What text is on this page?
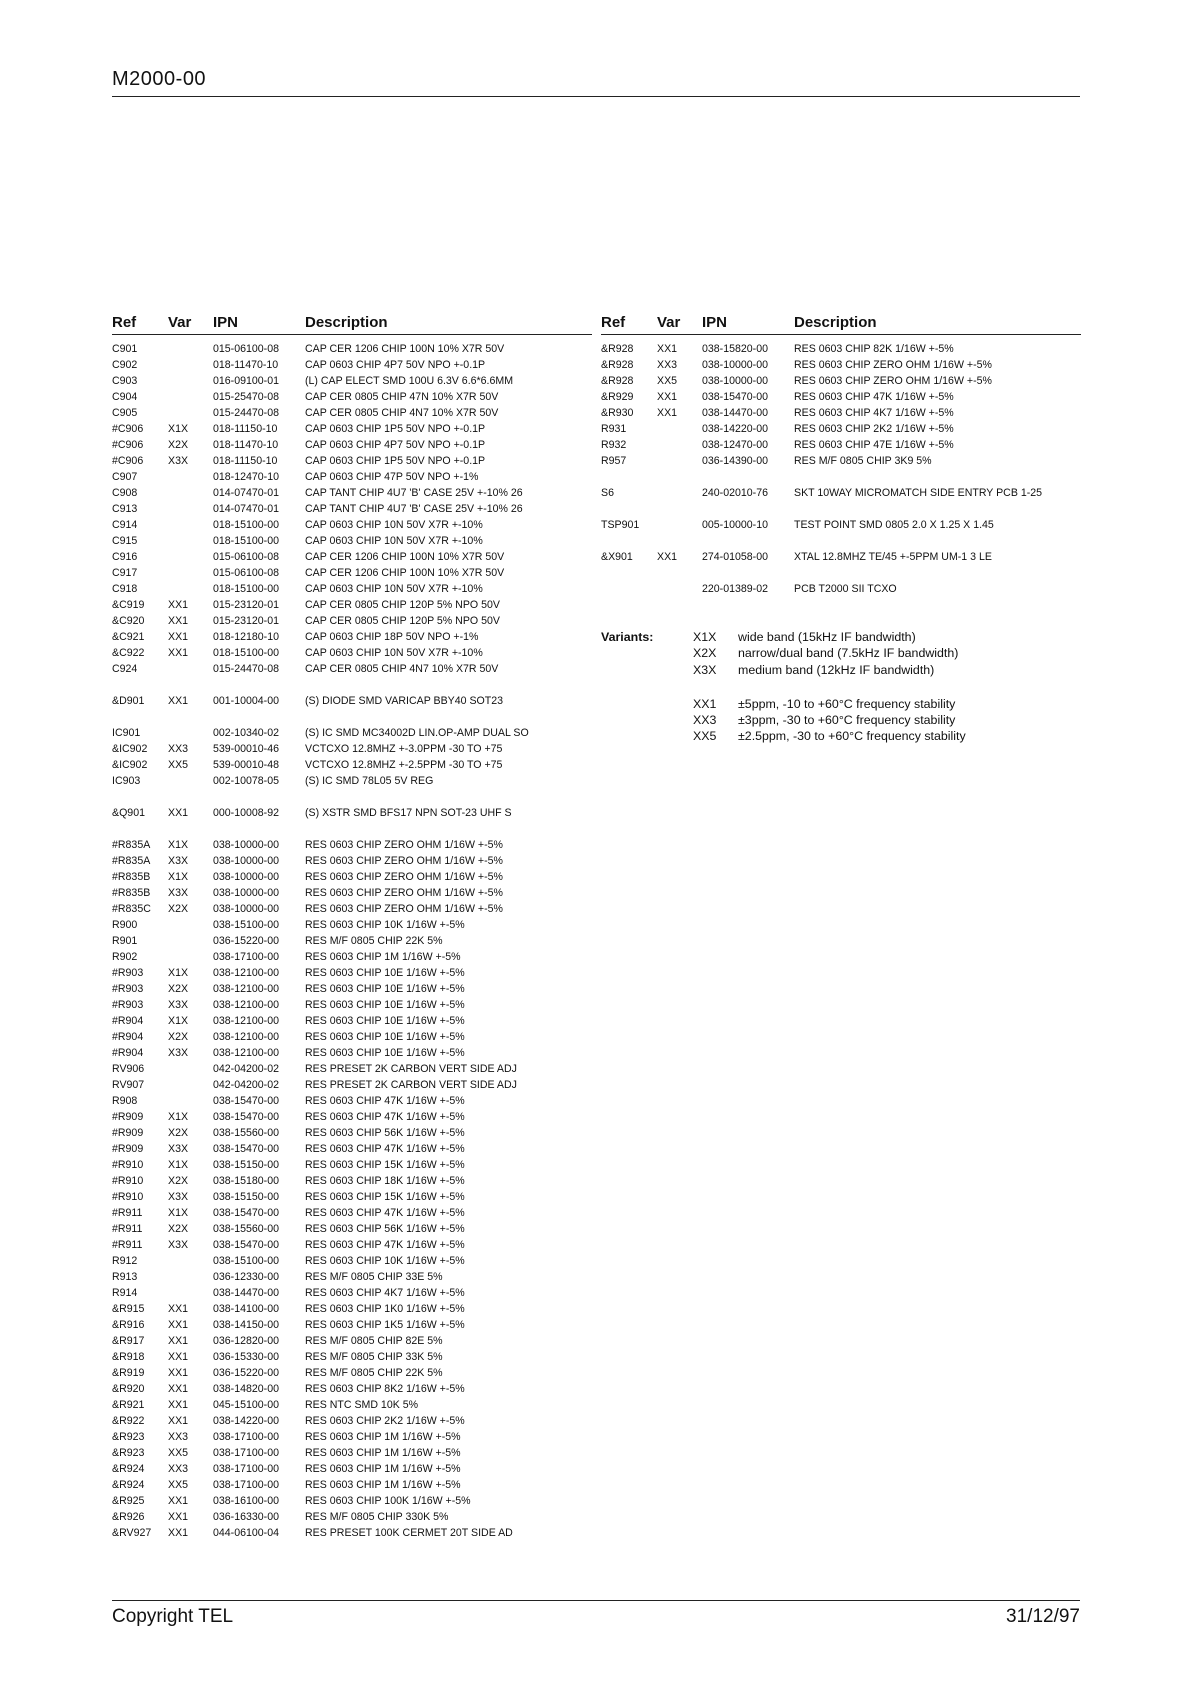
M2000-00
Ref Var IPN	Description
C901	015-06100-08 CAP CER 1206 CHIP 100N 10% X7R 50V
C902	018-11470-10	CAP 0603 CHIP 4P7 50V NPO +-0.1P
C903	016-09100-01 (L) CAP ELECT SMD 100U 6.3V 6.6*6.6MM
C904	015-25470-08 CAP CER 0805 CHIP 47N 10% X7R 50V
C905	015-24470-08 CAP CER 0805 CHIP 4N7 10% X7R 50V
#C906 X1X 018-11150-10	CAP 0603 CHIP 1P5 50V NPO +-0.1P
#C906 X2X 018-11470-10	CAP 0603 CHIP 4P7 50V NPO +-0.1P
#C906 X3X 018-11150-10	CAP 0603 CHIP 1P5 50V NPO +-0.1P
C907	018-12470-10 CAP 0603 CHIP 47P 50V NPO +-1%
C908	014-07470-01 CAP TANT CHIP 4U7 'B' CASE 25V +-10% 26
C913	014-07470-01 CAP TANT CHIP 4U7 'B' CASE 25V +-10% 26
C914	018-15100-00 CAP 0603 CHIP 10N 50V X7R +-10%
C915	018-15100-00 CAP 0603 CHIP 10N 50V X7R +-10%
C916	015-06100-08 CAP CER 1206 CHIP 100N 10% X7R 50V
C917	015-06100-08 CAP CER 1206 CHIP 100N 10% X7R 50V
C918	018-15100-00 CAP 0603 CHIP 10N 50V X7R +-10%
&C919 XX1 015-23120-01 CAP CER 0805 CHIP 120P 5% NPO 50V
&C920 XX1 015-23120-01 CAP CER 0805 CHIP 120P 5% NPO 50V
&C921 XX1 018-12180-10 CAP 0603 CHIP 18P 50V NPO +-1%
&C922 XX1 018-15100-00 CAP 0603 CHIP 10N 50V X7R +-10%
C924	015-24470-08 CAP CER 0805 CHIP 4N7 10% X7R 50V
&D901 XX1 001-10004-00 (S) DIODE SMD VARICAP BBY40 SOT23
IC901	002-10340-02 (S) IC SMD MC34002D LIN.OP-AMP DUAL SO
&IC902 XX3 539-00010-46 VCTCXO 12.8MHZ +-3.0PPM -30 TO +75
&IC902 XX5 539-00010-48 VCTCXO 12.8MHZ +-2.5PPM -30 TO +75
IC903	002-10078-05 (S) IC SMD 78L05 5V REG
&Q901 XX1 000-10008-92 (S) XSTR SMD BFS17 NPN SOT-23 UHF S
#R835A X1X 038-10000-00 RES 0603 CHIP ZERO OHM 1/16W +-5%
#R835A X3X 038-10000-00 RES 0603 CHIP ZERO OHM 1/16W +-5%
#R835B X1X 038-10000-00 RES 0603 CHIP ZERO OHM 1/16W +-5%
#R835B X3X 038-10000-00 RES 0603 CHIP ZERO OHM 1/16W +-5%
#R835C X2X 038-10000-00 RES 0603 CHIP ZERO OHM 1/16W +-5%
R900	038-15100-00 RES 0603 CHIP 10K 1/16W +-5%
R901	036-15220-00 RES M/F 0805 CHIP 22K 5%
R902	038-17100-00 RES 0603 CHIP 1M 1/16W +-5%
#R903 X1X 038-12100-00 RES 0603 CHIP 10E 1/16W +-5%
#R903 X2X 038-12100-00 RES 0603 CHIP 10E 1/16W +-5%
#R903 X3X 038-12100-00 RES 0603 CHIP 10E 1/16W +-5%
#R904 X1X 038-12100-00 RES 0603 CHIP 10E 1/16W +-5%
#R904 X2X 038-12100-00 RES 0603 CHIP 10E 1/16W +-5%
#R904 X3X 038-12100-00 RES 0603 CHIP 10E 1/16W +-5%
RV906	042-04200-02 RES PRESET 2K CARBON VERT SIDE ADJ
RV907	042-04200-02 RES PRESET 2K CARBON VERT SIDE ADJ
R908	038-15470-00 RES 0603 CHIP 47K 1/16W +-5%
#R909 X1X 038-15470-00 RES 0603 CHIP 47K 1/16W +-5%
#R909 X2X 038-15560-00 RES 0603 CHIP 56K 1/16W +-5%
#R909 X3X 038-15470-00 RES 0603 CHIP 47K 1/16W +-5%
#R910 X1X 038-15150-00 RES 0603 CHIP 15K 1/16W +-5%
#R910 X2X 038-15180-00 RES 0603 CHIP 18K 1/16W +-5%
#R910 X3X 038-15150-00 RES 0603 CHIP 15K 1/16W +-5%
#R911 X1X 038-15470-00 RES 0603 CHIP 47K 1/16W +-5%
#R911 X2X 038-15560-00 RES 0603 CHIP 56K 1/16W +-5%
#R911 X3X 038-15470-00 RES 0603 CHIP 47K 1/16W +-5%
R912	038-15100-00 RES 0603 CHIP 10K 1/16W +-5%
R913	036-12330-00 RES M/F 0805 CHIP 33E 5%
R914	038-14470-00 RES 0603 CHIP 4K7 1/16W +-5%
&R915 XX1 038-14100-00 RES 0603 CHIP 1K0 1/16W +-5%
&R916 XX1 038-14150-00 RES 0603 CHIP 1K5 1/16W +-5%
&R917 XX1 036-12820-00 RES M/F 0805 CHIP 82E 5%
&R918 XX1 036-15330-00 RES M/F 0805 CHIP 33K 5%
&R919 XX1 036-15220-00 RES M/F 0805 CHIP 22K 5%
&R920 XX1 038-14820-00 RES 0603 CHIP 8K2 1/16W +-5%
&R921 XX1 045-15100-00 RES NTC SMD 10K 5%
&R922 XX1 038-14220-00 RES 0603 CHIP 2K2 1/16W +-5%
&R923 XX3 038-17100-00 RES 0603 CHIP 1M 1/16W +-5%
&R923 XX5 038-17100-00 RES 0603 CHIP 1M 1/16W +-5%
&R924 XX3 038-17100-00 RES 0603 CHIP 1M 1/16W +-5%
&R924 XX5 038-17100-00 RES 0603 CHIP 1M 1/16W +-5%
&R925 XX1 038-16100-00 RES 0603 CHIP 100K 1/16W +-5%
&R926 XX1 036-16330-00 RES M/F 0805 CHIP 330K 5%
&RV927 XX1 044-06100-04 RES PRESET 100K CERMET 20T SIDE AD
Ref Var IPN	Description
&R928 XX1 038-15820-00 RES 0603 CHIP 82K 1/16W +-5%
&R928 XX3 038-10000-00 RES 0603 CHIP ZERO OHM 1/16W +-5%
&R928 XX5 038-10000-00 RES 0603 CHIP ZERO OHM 1/16W +-5%
&R929 XX1 038-15470-00 RES 0603 CHIP 47K 1/16W +-5%
&R930 XX1 038-14470-00 RES 0603 CHIP 4K7 1/16W +-5%
R931	038-14220-00 RES 0603 CHIP 2K2 1/16W +-5%
R932	038-12470-00 RES 0603 CHIP 47E 1/16W +-5%
R957	036-14390-00 RES M/F 0805 CHIP 3K9 5%
S6	240-02010-76 SKT 10WAY MICROMATCH SIDE ENTRY PCB 1-25
TSP901	005-10000-10 TEST POINT SMD 0805 2.0 X 1.25 X 1.45
&X901 XX1 274-01058-00 XTAL 12.8MHZ TE/45 +-5PPM UM-1 3 LE
220-01389-02 PCB T2000 SII TCXO
Variants:	X1X wide band (15kHz IF bandwidth)
X2X narrow/dual band (7.5kHz IF bandwidth)
X3X medium band (12kHz IF bandwidth)
XX1 ±5ppm, -10 to +60°C frequency stability
XX3 ±3ppm, -30 to +60°C frequency stability
XX5 ±2.5ppm, -30 to +60°C frequency stability
Copyright TEL	31/12/97
